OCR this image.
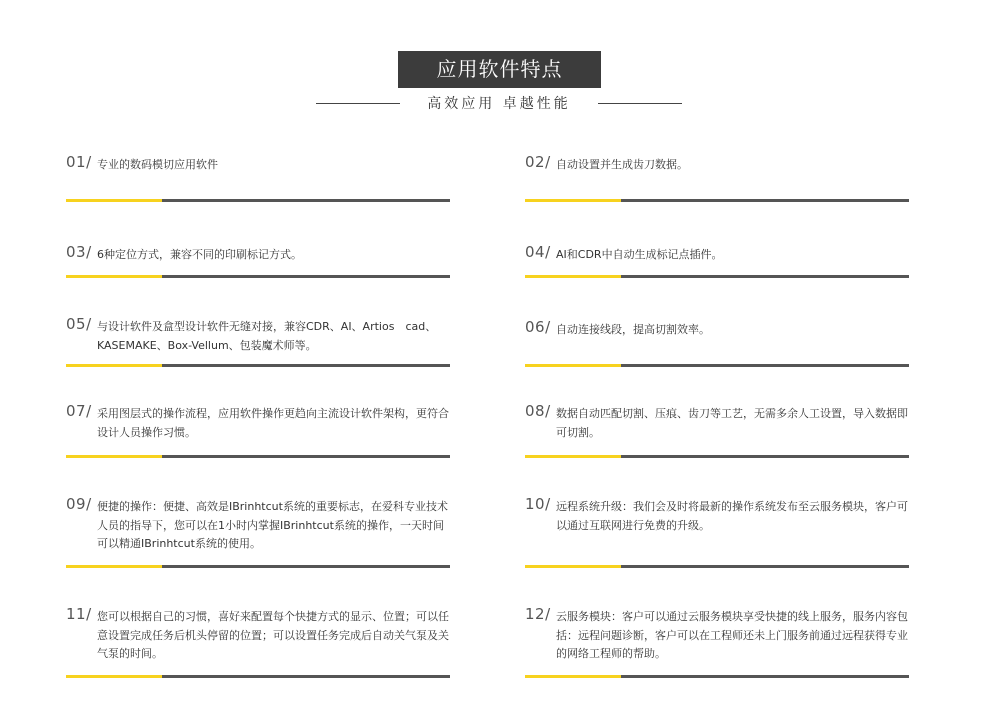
应用软件特点
高效应用 卓越性能
01/ 专业的数码模切应用软件	02/ 自动设置并生成齿刀数据。
03/ 6种定位方式，兼容不同的印刷标记方式。	04/ AI和CDR中自动生成标记点插件。
05/ 与设计软件及盒型设计软件无缝对接，兼容CDR、AI、Artios　cad、KASEMAKE、Box-Vellum、包装魔术师等。
06/ 自动连接线段，提高切割效率。
07/ 采用图层式的操作流程，应用软件操作更趋向主流设计软件架构，更符合设计人员操作习惯。
08/ 数据自动匹配切割、压痕、齿刀等工艺，无需多余人工设置，导入数据即可切割。
09/ 便捷的操作：便捷、高效是IBrinhtcut系统的重要标志，在爱科专业技术人员的指导下，您可以在1小时内掌握IBrinhtcut系统的操作，一天时间可以精通IBrinhtcut系统的使用。
10/ 远程系统升级：我们会及时将最新的操作系统发布至云服务模块，客户可以通过互联网进行免费的升级。
11/ 您可以根据自己的习惯，喜好来配置每个快捷方式的显示、位置；可以任意设置完成任务后机头停留的位置；可以设置任务完成后自动关气泵及关气泵的时间。
12/ 云服务模块：客户可以通过云服务模块享受快捷的线上服务，服务内容包括：远程问题诊断，客户可以在工程师还未上门服务前通过远程获得专业的网络工程师的帮助。
